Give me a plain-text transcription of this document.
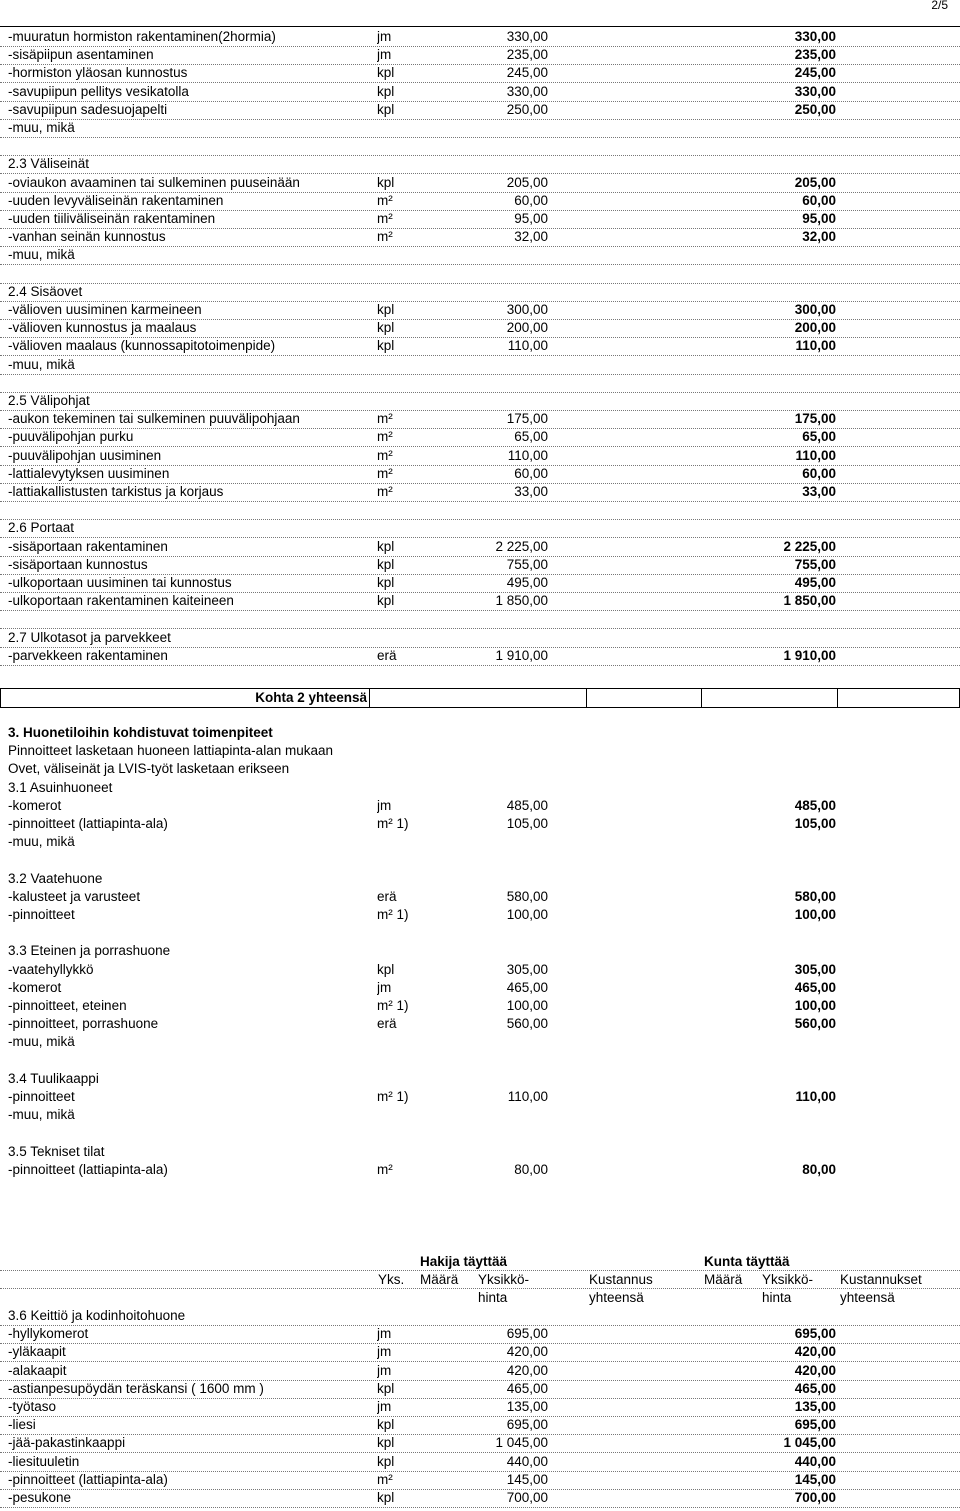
2/5
-muuratun hormiston rakentaminen(2hormia)	jm	330,00	330,00
-sisäpiipun asentaminen	jm	235,00	235,00
-hormiston yläosan kunnostus	kpl	245,00	245,00
-savupiipun pellitys vesikatolla	kpl	330,00	330,00
-savupiipun sadesuojapelti	kpl	250,00	250,00
-muu, mikä
2.3 Väliseinät
-oviaukon avaaminen tai sulkeminen puuseinään	kpl	205,00	205,00
-uuden levyväliseinän rakentaminen	m²	60,00	60,00
-uuden tiiliväliseinän rakentaminen	m²	95,00	95,00
-vanhan seinän kunnostus	m²	32,00	32,00
-muu, mikä
2.4 Sisäovet
-välioven uusiminen karmeineen	kpl	300,00	300,00
-välioven kunnostus ja maalaus	kpl	200,00	200,00
-välioven maalaus (kunnossapitotoimenpide)	kpl	110,00	110,00
-muu, mikä
2.5 Välipohjat
-aukon tekeminen tai sulkeminen puuvälipohjaan	m²	175,00	175,00
-puuvälipohjan purku	m²	65,00	65,00
-puuvälipohjan uusiminen	m²	110,00	110,00
-lattialevytyksen uusiminen	m²	60,00	60,00
-lattiakallistusten tarkistus ja korjaus	m²	33,00	33,00
2.6 Portaat
-sisäportaan rakentaminen	kpl	2 225,00	2 225,00
-sisäportaan kunnostus	kpl	755,00	755,00
-ulkoportaan uusiminen tai kunnostus	kpl	495,00	495,00
-ulkoportaan rakentaminen kaiteineen	kpl	1 850,00	1 850,00
2.7 Ulkotasot ja parvekkeet
-parvekkeen rakentaminen	erä	1 910,00	1 910,00
3. Huonetiloihin kohdistuvat toimenpiteet
Pinnoitteet lasketaan huoneen lattiapinta-alan mukaan
Ovet, väliseinät ja LVIS-työt lasketaan erikseen
3.1 Asuinhuoneet
-komerot	jm	485,00	485,00
-pinnoitteet (lattiapinta-ala)	m² 1)	105,00	105,00
-muu, mikä
3.2 Vaatehuone
-kalusteet ja varusteet	erä	580,00	580,00
-pinnoitteet	m² 1)	100,00	100,00
3.3 Eteinen ja porrashuone
-vaatehyllykkö	kpl	305,00	305,00
-komerot	jm	465,00	465,00
-pinnoitteet, eteinen	m² 1)	100,00	100,00
-pinnoitteet, porrashuone	erä	560,00	560,00
-muu, mikä
3.4 Tuulikaappi
-pinnoitteet	m² 1)	110,00	110,00
-muu, mikä
3.5 Tekniset tilat
-pinnoitteet (lattiapinta-ala)	m²	80,00	80,00
Hakija täyttää	Kunta täyttää
Yks.	Määrä	Yksikkö-	Kustannus	Määrä	Yksikkö-	Kustannukset
hinta	yhteensä	hinta	yhteensä
3.6 Keittiö ja kodinhoitohuone
-hyllykomerot	jm	695,00	695,00
-yläkaapit	jm	420,00	420,00
-alakaapit	jm	420,00	420,00
-astianpesupöydän teräskansi ( 1600 mm )	kpl	465,00	465,00
-työtaso	jm	135,00	135,00
-liesi	kpl	695,00	695,00
-jää-pakastinkaappi	kpl	1 045,00	1 045,00
-liesituuletin	kpl	440,00	440,00
-pinnoitteet (lattiapinta-ala)	m²	145,00	145,00
-pesukone	kpl	700,00	700,00
Kohta 2 yhteensä
